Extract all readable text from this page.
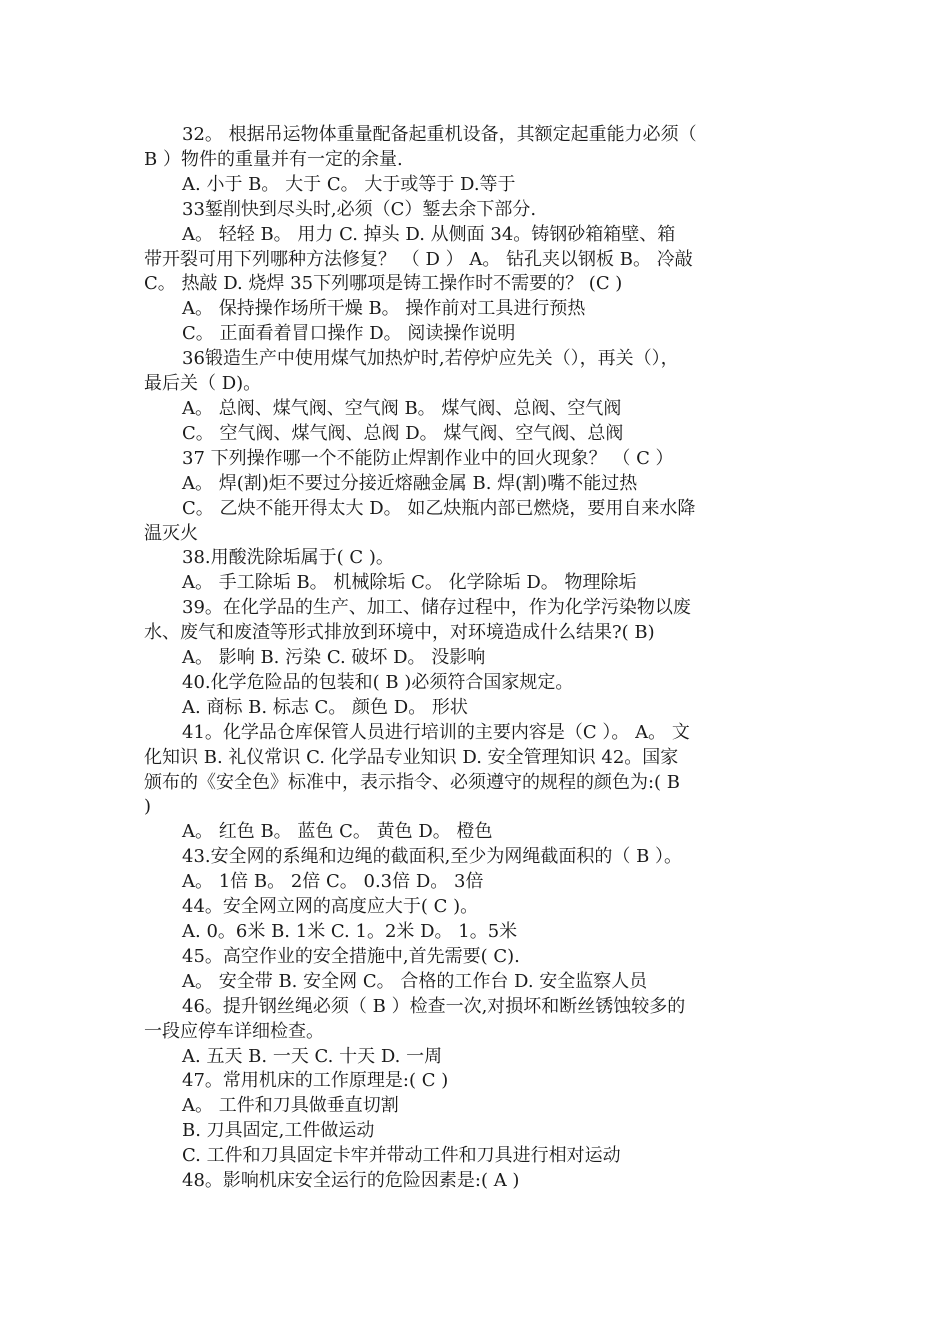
32。 根据吊运物体重量配备起重机设备，其额定起重能力必须（
B ）物件的重量并有一定的余量.
A. 小于 B。 大于 C。 大于或等于 D.等于
33錾削快到尽头时,必须（C）錾去余下部分.
A。 轻轻 B。 用力 C. 掉头 D. 从侧面 34。铸钢砂箱箱壁、箱
带开裂可用下列哪种方法修复？ （ D ） A。 钻孔夹以钢板 B。 冷敲
C。 热敲 D. 烧焊 35下列哪项是铸工操作时不需要的？ (C )
A。 保持操作场所干燥 B。 操作前对工具进行预热
C。 正面看着冒口操作 D。 阅读操作说明
36锻造生产中使用煤气加热炉时,若停炉应先关（），再关（），
最后关（ D)。
A。 总阀、煤气阀、空气阀 B。 煤气阀、总阀、空气阀
C。 空气阀、煤气阀、总阀 D。 煤气阀、空气阀、总阀
37 下列操作哪一个不能防止焊割作业中的回火现象？ （ C ）
A。 焊(割)炬不要过分接近熔融金属 B. 焊(割)嘴不能过热
C。 乙炔不能开得太大 D。 如乙炔瓶内部已燃烧，要用自来水降
温灭火
38.用酸洗除垢属于( C )。
A。 手工除垢 B。 机械除垢 C。 化学除垢 D。 物理除垢
39。在化学品的生产、加工、储存过程中，作为化学污染物以废
水、废气和废渣等形式排放到环境中，对环境造成什么结果?( B)
A。 影响 B. 污染 C. 破坏 D。 没影响
40.化学危险品的包装和( B )必须符合国家规定。
A. 商标 B. 标志 C。 颜色 D。 形状
41。化学品仓库保管人员进行培训的主要内容是（C ）。 A。 文
化知识 B. 礼仪常识 C. 化学品专业知识 D. 安全管理知识 42。国家
颁布的《安全色》标准中，表示指令、必须遵守的规程的颜色为:( B
)
A。 红色 B。 蓝色 C。 黄色 D。 橙色
43.安全网的系绳和边绳的截面积,至少为网绳截面积的（ B ）。
A。 1倍 B。 2倍 C。 0.3倍 D。 3倍
44。安全网立网的高度应大于( C )。
A. 0。6米 B. 1米 C. 1。2米 D。 1。5米
45。高空作业的安全措施中,首先需要( C).
A。 安全带 B. 安全网 C。 合格的工作台 D. 安全监察人员
46。提升钢丝绳必须（ B ）检查一次,对损坏和断丝锈蚀较多的
一段应停车详细检查。
A. 五天 B. 一天 C. 十天 D. 一周
47。常用机床的工作原理是:( C )
A。 工件和刀具做垂直切割
B. 刀具固定,工件做运动
C. 工件和刀具固定卡牢并带动工件和刀具进行相对运动
48。影响机床安全运行的危险因素是:( A )
